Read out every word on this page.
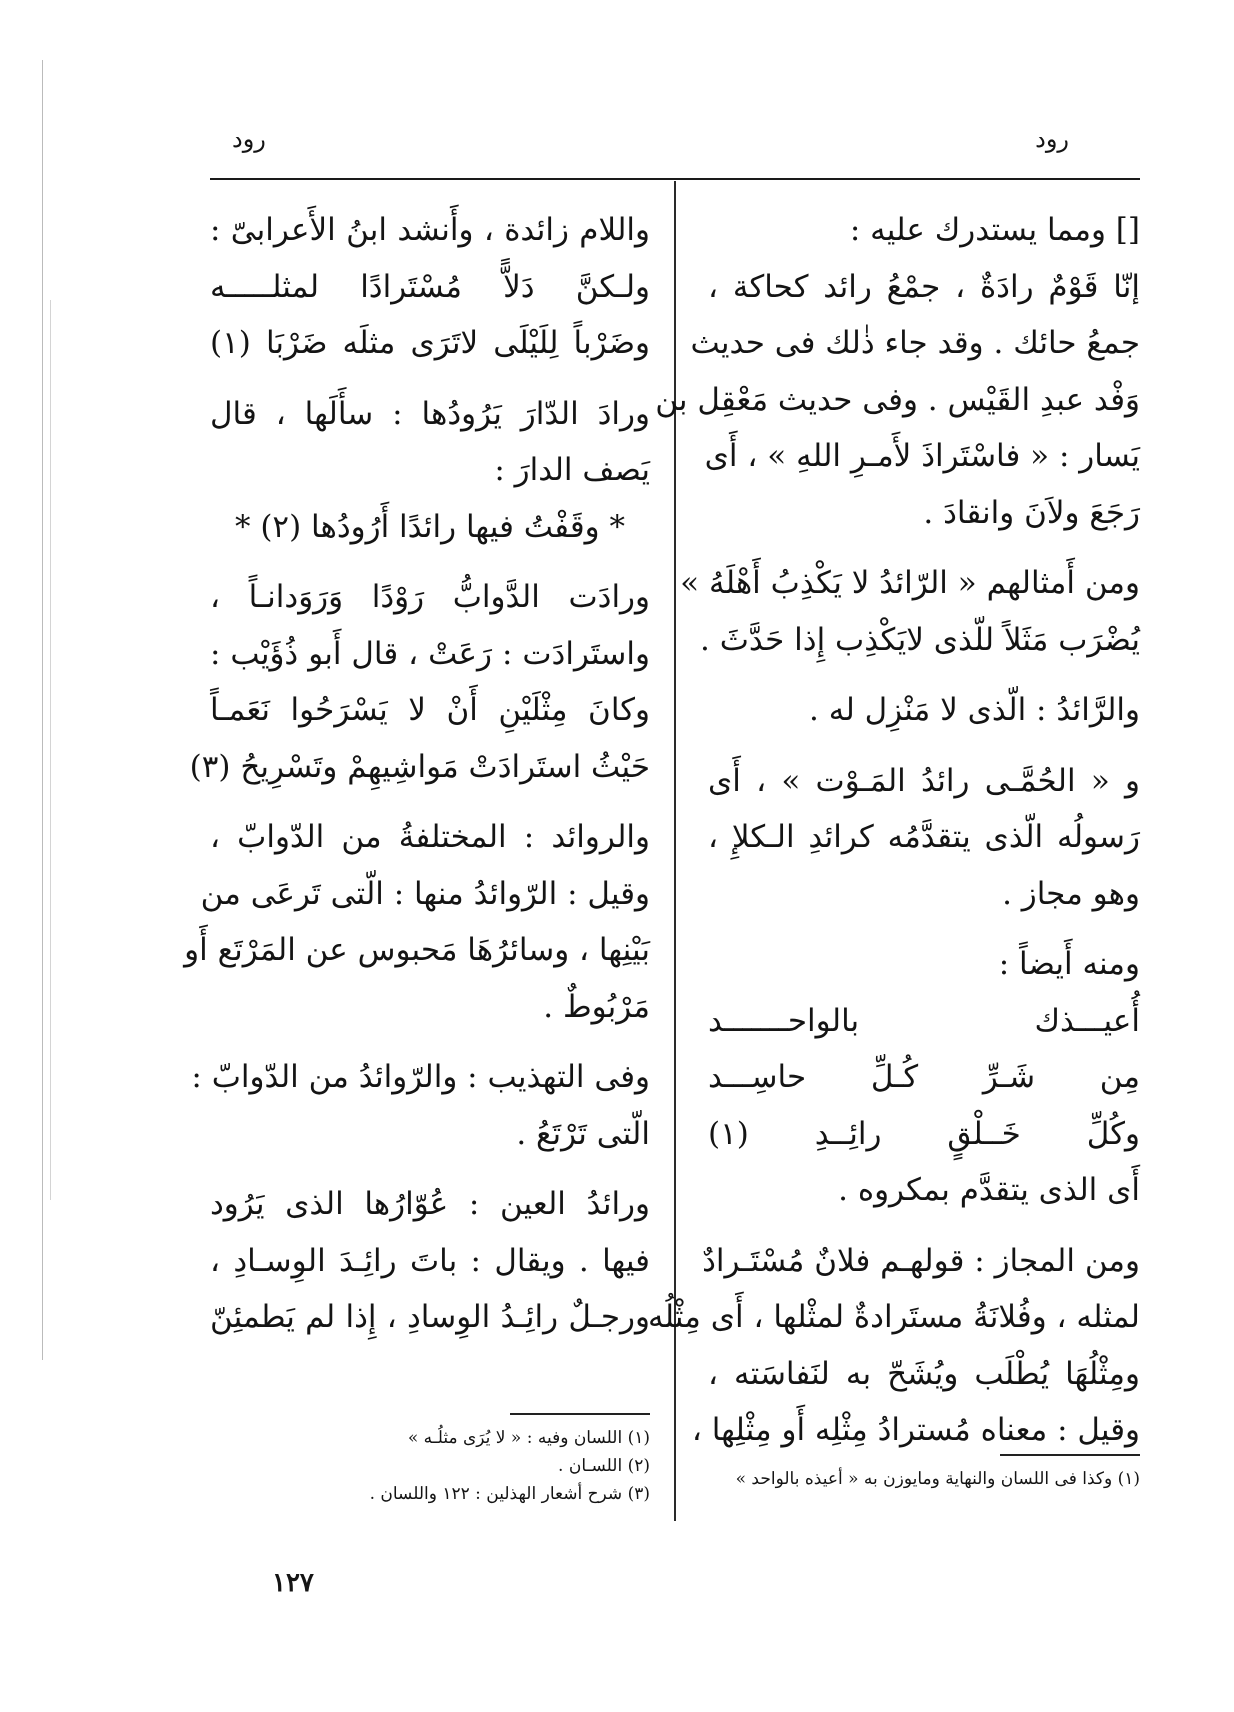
رود	رود
[] ومما يستدرك عليه :
إنّا قَوْمٌ رادَةٌ ، جمْعُ رائد كحاكة ،
جمعُ حائك . وقد جاء ذٰلك فى حديث
وَفْد عبدِ القَيْس . وفى حديث مَعْقِل بن
يَسار : « فاسْتَراذَ لأَمـرِ اللهِ » ، أَى
رَجَعَ ولاَنَ وانقادَ .
ومن أَمثالهم « الرّائدُ لا يَكْذِبُ أَهْلَهُ »
يُضْرَب مَثَلاً للّذى لايَكْذِب إِذا حَدَّثَ .
والرَّائدُ : الّذى لا مَنْزِل له .
و « الحُمَّـى رائدُ المَـوْت » ، أَى
رَسولُه الّذى يتقدَّمُه كرائدِ الـكلإِ ،
وهو مجاز .
ومنه أَيضاً :
أُعيـــذك بالواحـــــــد
مِن شَـرِّ كُـلِّ حاسِـــد
وكُلِّ خَــلْقٍ رائِــدِ (١)
أَى الذى يتقدَّم بمكروه .
ومن المجاز : قولهـم فلانٌ مُسْتَـرادٌ
لمثله ، وفُلانَةُ مستَرادةٌ لمثْلها ، أَى مِثْلُه
ومِثْلُهَا يُطْلَب ويُشَحّ به لنَفاسَته ،
وقيل : معناه مُسترادُ مِثْلِه أَو مِثْلِها ،
واللام زائدة ، وأَنشد ابنُ الأَعرابىّ :
ولـكنَّ دَلاًّ مُسْتَرادًا لمثلـــــه
وضَرْباً لِلَيْلَى لاتَرَى مثلَه ضَرْبَا (١)
ورادَ الدّارَ يَرُودُها : سأَلَها ، قال
يَصف الدارَ :
* وقَفْتُ فيها رائدًا أَرُودُها (٢) *
ورادَت الدَّوابُّ رَوْدًا وَرَوَدانـاً ،
واستَرادَت : رَعَتْ ، قال أَبو ذُؤَيْب :
وكانَ مِثْلَيْنِ أَنْ لا يَسْرَحُوا نَعَمـاً
حَيْثُ استَرادَتْ مَواشِيهِمْ وتَسْرِيحُ (٣)
والروائد : المختلفةُ من الدّوابّ ،
وقيل : الرّوائدُ منها : الّتى تَرعَى من
بَيْنِها ، وسائرُهَا مَحبوس عن المَرْتَع أَو
مَرْبُوطٌ .
وفى التهذيب : والرّوائدُ من الدّوابّ :
الّتى تَرْتَعُ .
ورائدُ العين : عُوّارُها الذى يَرُود
فيها . ويقال : باتَ رائِـدَ الوِسـادِ ،
ورجـلٌ رائِـدُ الوِسادِ ، إِذا لم يَطمئِنّ
(١) اللسان وفيه : « لا يُرَى مثلُـه »
(٢) اللسـان .
(٣) شرح أشعار الهذلين : ١٢٢ واللسان .
(١) وكذا فى اللسان والنهاية ومايوزن به « أعيذه بالواحد »
١٢٧
